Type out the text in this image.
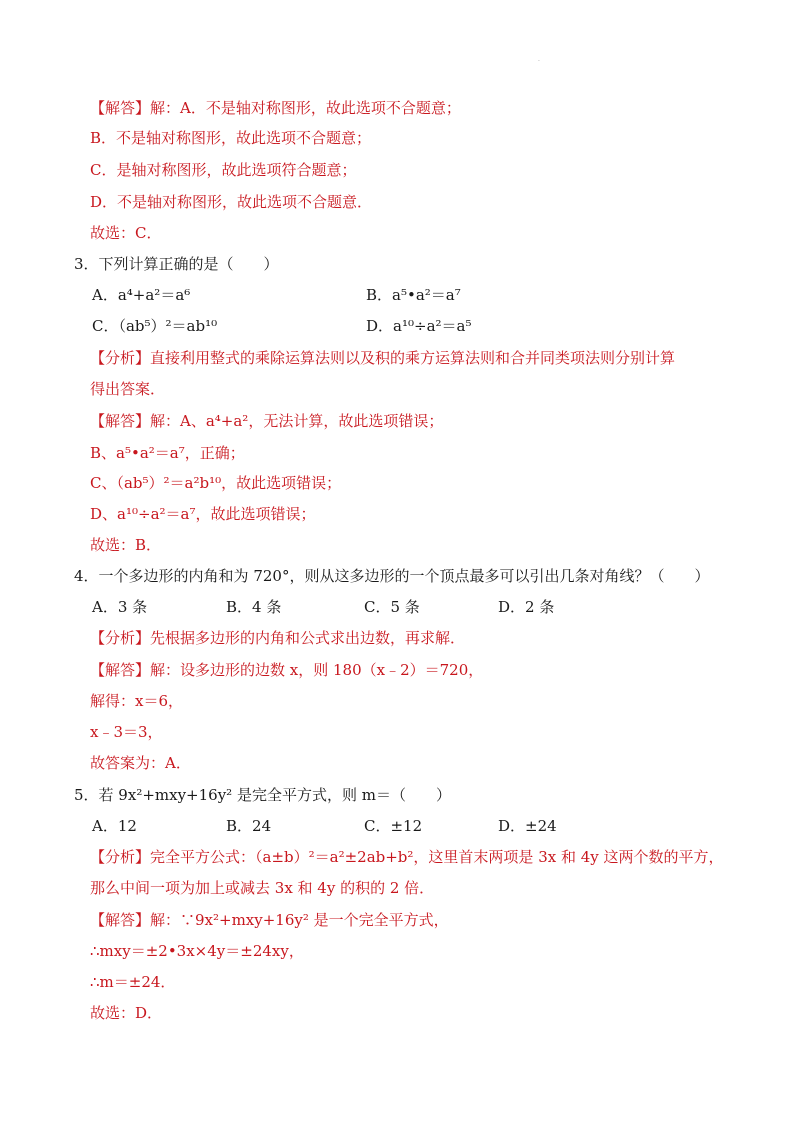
·
【解答】解：A．不是轴对称图形，故此选项不合题意；
B．不是轴对称图形，故此选项不合题意；
C．是轴对称图形，故此选项符合题意；
D．不是轴对称图形，故此选项不合题意．
故选：C．
3．下列计算正确的是（　　）
A．a⁴+a²＝a⁶	B．a⁵•a²＝a⁷
C．（ab⁵）²＝ab¹⁰	D．a¹⁰÷a²＝a⁵
【分析】直接利用整式的乘除运算法则以及积的乘方运算法则和合并同类项法则分别计算
得出答案．
【解答】解：A、a⁴+a²，无法计算，故此选项错误；
B、a⁵•a²＝a⁷，正确；
C、（ab⁵）²＝a²b¹⁰，故此选项错误；
D、a¹⁰÷a²＝a⁷，故此选项错误；
故选：B．
4．一个多边形的内角和为 720°，则从这多边形的一个顶点最多可以引出几条对角线？（　　）
A．3 条	B．4 条	C．5 条	D．2 条
【分析】先根据多边形的内角和公式求出边数，再求解．
【解答】解：设多边形的边数 x，则 180（x﹣2）＝720，
解得：x＝6，
x﹣3＝3，
故答案为：A．
5．若 9x²+mxy+16y² 是完全平方式，则 m＝（　　）
A．12	B．24	C．±12	D．±24
【分析】完全平方公式：（a±b）²＝a²±2ab+b²，这里首末两项是 3x 和 4y 这两个数的平方，
那么中间一项为加上或减去 3x 和 4y 的积的 2 倍．
【解答】解：∵9x²+mxy+16y² 是一个完全平方式，
∴mxy＝±2•3x×4y＝±24xy，
∴m＝±24．
故选：D．
